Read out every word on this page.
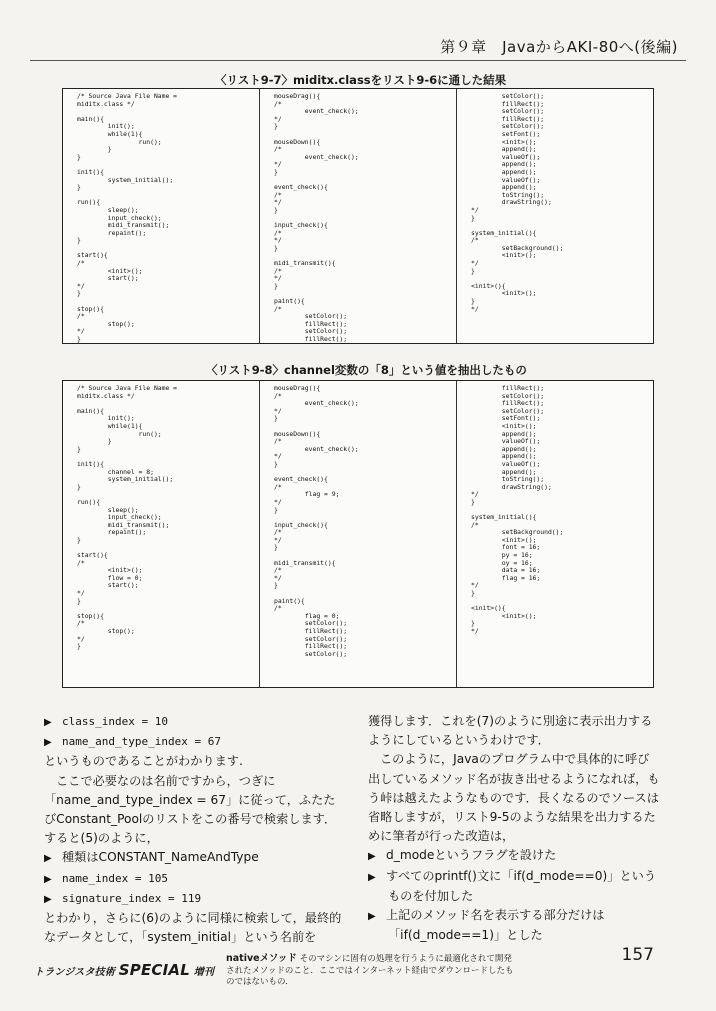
第９章　JavaからAKI-80へ(後編)
〈リスト9-7〉miditx.classをリスト9-6に通した結果
/* Source Java File Name =
miditx.class */

main(){
init();
while(1){
run();
}
}

init(){
system_initial();
}

run(){
sleep();
input_check();
midi_transmit();
repaint();
}

start(){
/*
<init>();
start();
*/
}

stop(){
/*
stop();
*/
}
mouseDrag(){
/*
event_check();
*/
}

mouseDown(){
/*
event_check();
*/
}

event_check(){
/*
*/
}

input_check(){
/*
*/
}

midi_transmit(){
/*
*/
}

paint(){
/*
setColor();
fillRect();
setColor();
fillRect();
setColor();
fillRect();
setColor();
fillRect();
setColor();
setFont();
<init>();
append();
valueOf();
append();
append();
valueOf();
append();
toString();
drawString();
*/
}

system_initial(){
/*
setBackground();
<init>();
*/
}

<init>(){
<init>();
}
*/
〈リスト9-8〉channel変数の「8」という値を抽出したもの
/* Source Java File Name =
miditx.class */

main(){
init();
while(1){
run();
}
}

init(){
channel = 8;
system_initial();
}

run(){
sleep();
input_check();
midi_transmit();
repaint();
}

start(){
/*
<init>();
flow = 0;
start();
*/
}

stop(){
/*
stop();
*/
}
mouseDrag(){
/*
event_check();
*/
}

mouseDown(){
/*
event_check();
*/
}

event_check(){
/*
flag = 9;
*/
}

input_check(){
/*
*/
}

midi_transmit(){
/*
*/
}

paint(){
/*
flag = 0;
setColor();
fillRect();
setColor();
fillRect();
setColor();
fillRect();
setColor();
fillRect();
setColor();
setFont();
<init>();
append();
valueOf();
append();
append();
valueOf();
append();
toString();
drawString();
*/
}

system_initial(){
/*
setBackground();
<init>();
font = 16;
py = 16;
oy = 16;
data = 16;
flag = 16;
*/
}

<init>(){
<init>();
}
*/

▶ class_index = 10

▶ name_and_type_index = 67

というものであることがわかります.

ここで必要なのは名前ですから，つぎに「name_and_type_index = 67」に従って，ふたたびConstant_Poolのリストをこの番号で検索します．すると(5)のように，

▶ 種類はCONSTANT_NameAndType

▶ name_index = 105

▶ signature_index = 119

とわかり，さらに(6)のように同様に検索して，最終的なデータとして，「system_initial」という名前を

獲得します．これを(7)のように別途に表示出力するようにしているというわけです．

このように，Javaのプログラム中で具体的に呼び出しているメソッド名が抜き出せるようになれば，もう峠は越えたようなものです．長くなるのでソースは省略しますが，リスト9-5のような結果を出力するために筆者が行った改造は，

▶ d_modeというフラグを設けた

▶ すべてのprintf()文に「if(d_mode==0)」というものを付加した

▶ 上記のメソッド名を表示する部分だけは「if(d_mode==1)」とした

トランジスタ技術 SPECIAL 増刊
nativeメソッド そのマシンに固有の処理を行うように最適化されて開発されたメソッドのこと．ここではインターネット経由でダウンロードしたものではないもの．
157
